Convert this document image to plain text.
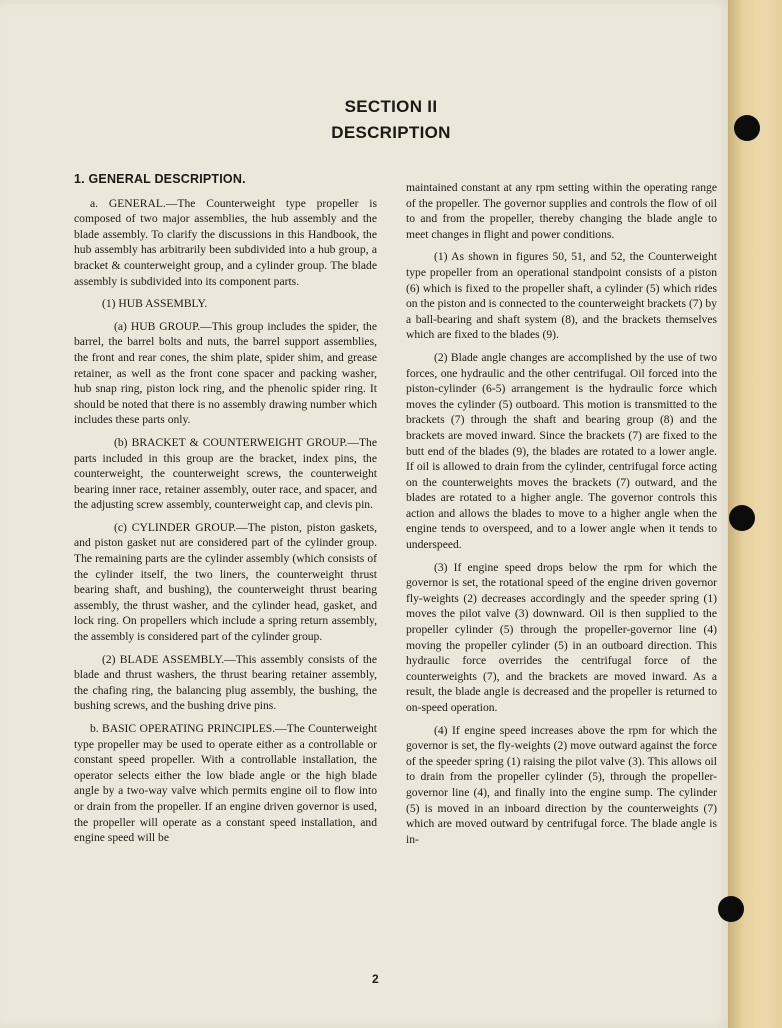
SECTION II
DESCRIPTION
1. GENERAL DESCRIPTION.

a. GENERAL.—The Counterweight type propeller is composed of two major assemblies, the hub assembly and the blade assembly. To clarify the discussions in this Handbook, the hub assembly has arbitrarily been subdivided into a hub group, a bracket & counterweight group, and a cylinder group. The blade assembly is subdivided into its component parts.

(1) HUB ASSEMBLY.

(a) HUB GROUP.—This group includes the spider, the barrel, the barrel bolts and nuts, the barrel support assemblies, the front and rear cones, the shim plate, spider shim, and grease retainer, as well as the front cone spacer and packing washer, hub snap ring, piston lock ring, and the phenolic spider ring. It should be noted that there is no assembly drawing number which includes these parts only.

(b) BRACKET & COUNTERWEIGHT GROUP.—The parts included in this group are the bracket, index pins, the counterweight, the counterweight screws, the counterweight bearing inner race, retainer assembly, outer race, and spacer, and the adjusting screw assembly, counterweight cap, and clevis pin.

(c) CYLINDER GROUP.—The piston, piston gaskets, and piston gasket nut are considered part of the cylinder group. The remaining parts are the cylinder assembly (which consists of the cylinder itself, the two liners, the counterweight thrust bearing shaft, and bushing), the counterweight thrust bearing assembly, the thrust washer, and the cylinder head, gasket, and lock ring. On propellers which include a spring return assembly, the assembly is considered part of the cylinder group.

(2) BLADE ASSEMBLY.—This assembly consists of the blade and thrust washers, the thrust bearing retainer assembly, the chafing ring, the balancing plug assembly, the bushing, the bushing screws, and the bushing drive pins.

b. BASIC OPERATING PRINCIPLES.—The Counterweight type propeller may be used to operate either as a controllable or constant speed propeller. With a controllable installation, the operator selects either the low blade angle or the high blade angle by a two-way valve which permits engine oil to flow into or drain from the propeller. If an engine driven governor is used, the propeller will operate as a constant speed installation, and engine speed will be

maintained constant at any rpm setting within the operating range of the propeller. The governor supplies and controls the flow of oil to and from the propeller, thereby changing the blade angle to meet changes in flight and power conditions.

(1) As shown in figures 50, 51, and 52, the Counterweight type propeller from an operational standpoint consists of a piston (6) which is fixed to the propeller shaft, a cylinder (5) which rides on the piston and is connected to the counterweight brackets (7) by a ball-bearing and shaft system (8), and the brackets themselves which are fixed to the blades (9).

(2) Blade angle changes are accomplished by the use of two forces, one hydraulic and the other centrifugal. Oil forced into the piston-cylinder (6-5) arrangement is the hydraulic force which moves the cylinder (5) outboard. This motion is transmitted to the brackets (7) through the shaft and bearing group (8) and the brackets are moved inward. Since the brackets (7) are fixed to the butt end of the blades (9), the blades are rotated to a lower angle. If oil is allowed to drain from the cylinder, centrifugal force acting on the counterweights moves the brackets (7) outward, and the blades are rotated to a higher angle. The governor controls this action and allows the blades to move to a higher angle when the engine tends to overspeed, and to a lower angle when it tends to underspeed.

(3) If engine speed drops below the rpm for which the governor is set, the rotational speed of the engine driven governor fly-weights (2) decreases accordingly and the speeder spring (1) moves the pilot valve (3) downward. Oil is then supplied to the propeller cylinder (5) through the propeller-governor line (4) moving the propeller cylinder (5) in an outboard direction. This hydraulic force overrides the centrifugal force of the counterweights (7), and the brackets are moved inward. As a result, the blade angle is decreased and the propeller is returned to on-speed operation.

(4) If engine speed increases above the rpm for which the governor is set, the fly-weights (2) move outward against the force of the speeder spring (1) raising the pilot valve (3). This allows oil to drain from the propeller cylinder (5), through the propeller-governor line (4), and finally into the engine sump. The cylinder (5) is moved in an inboard direction by the counterweights (7) which are moved outward by centrifugal force. The blade angle is in-

2
